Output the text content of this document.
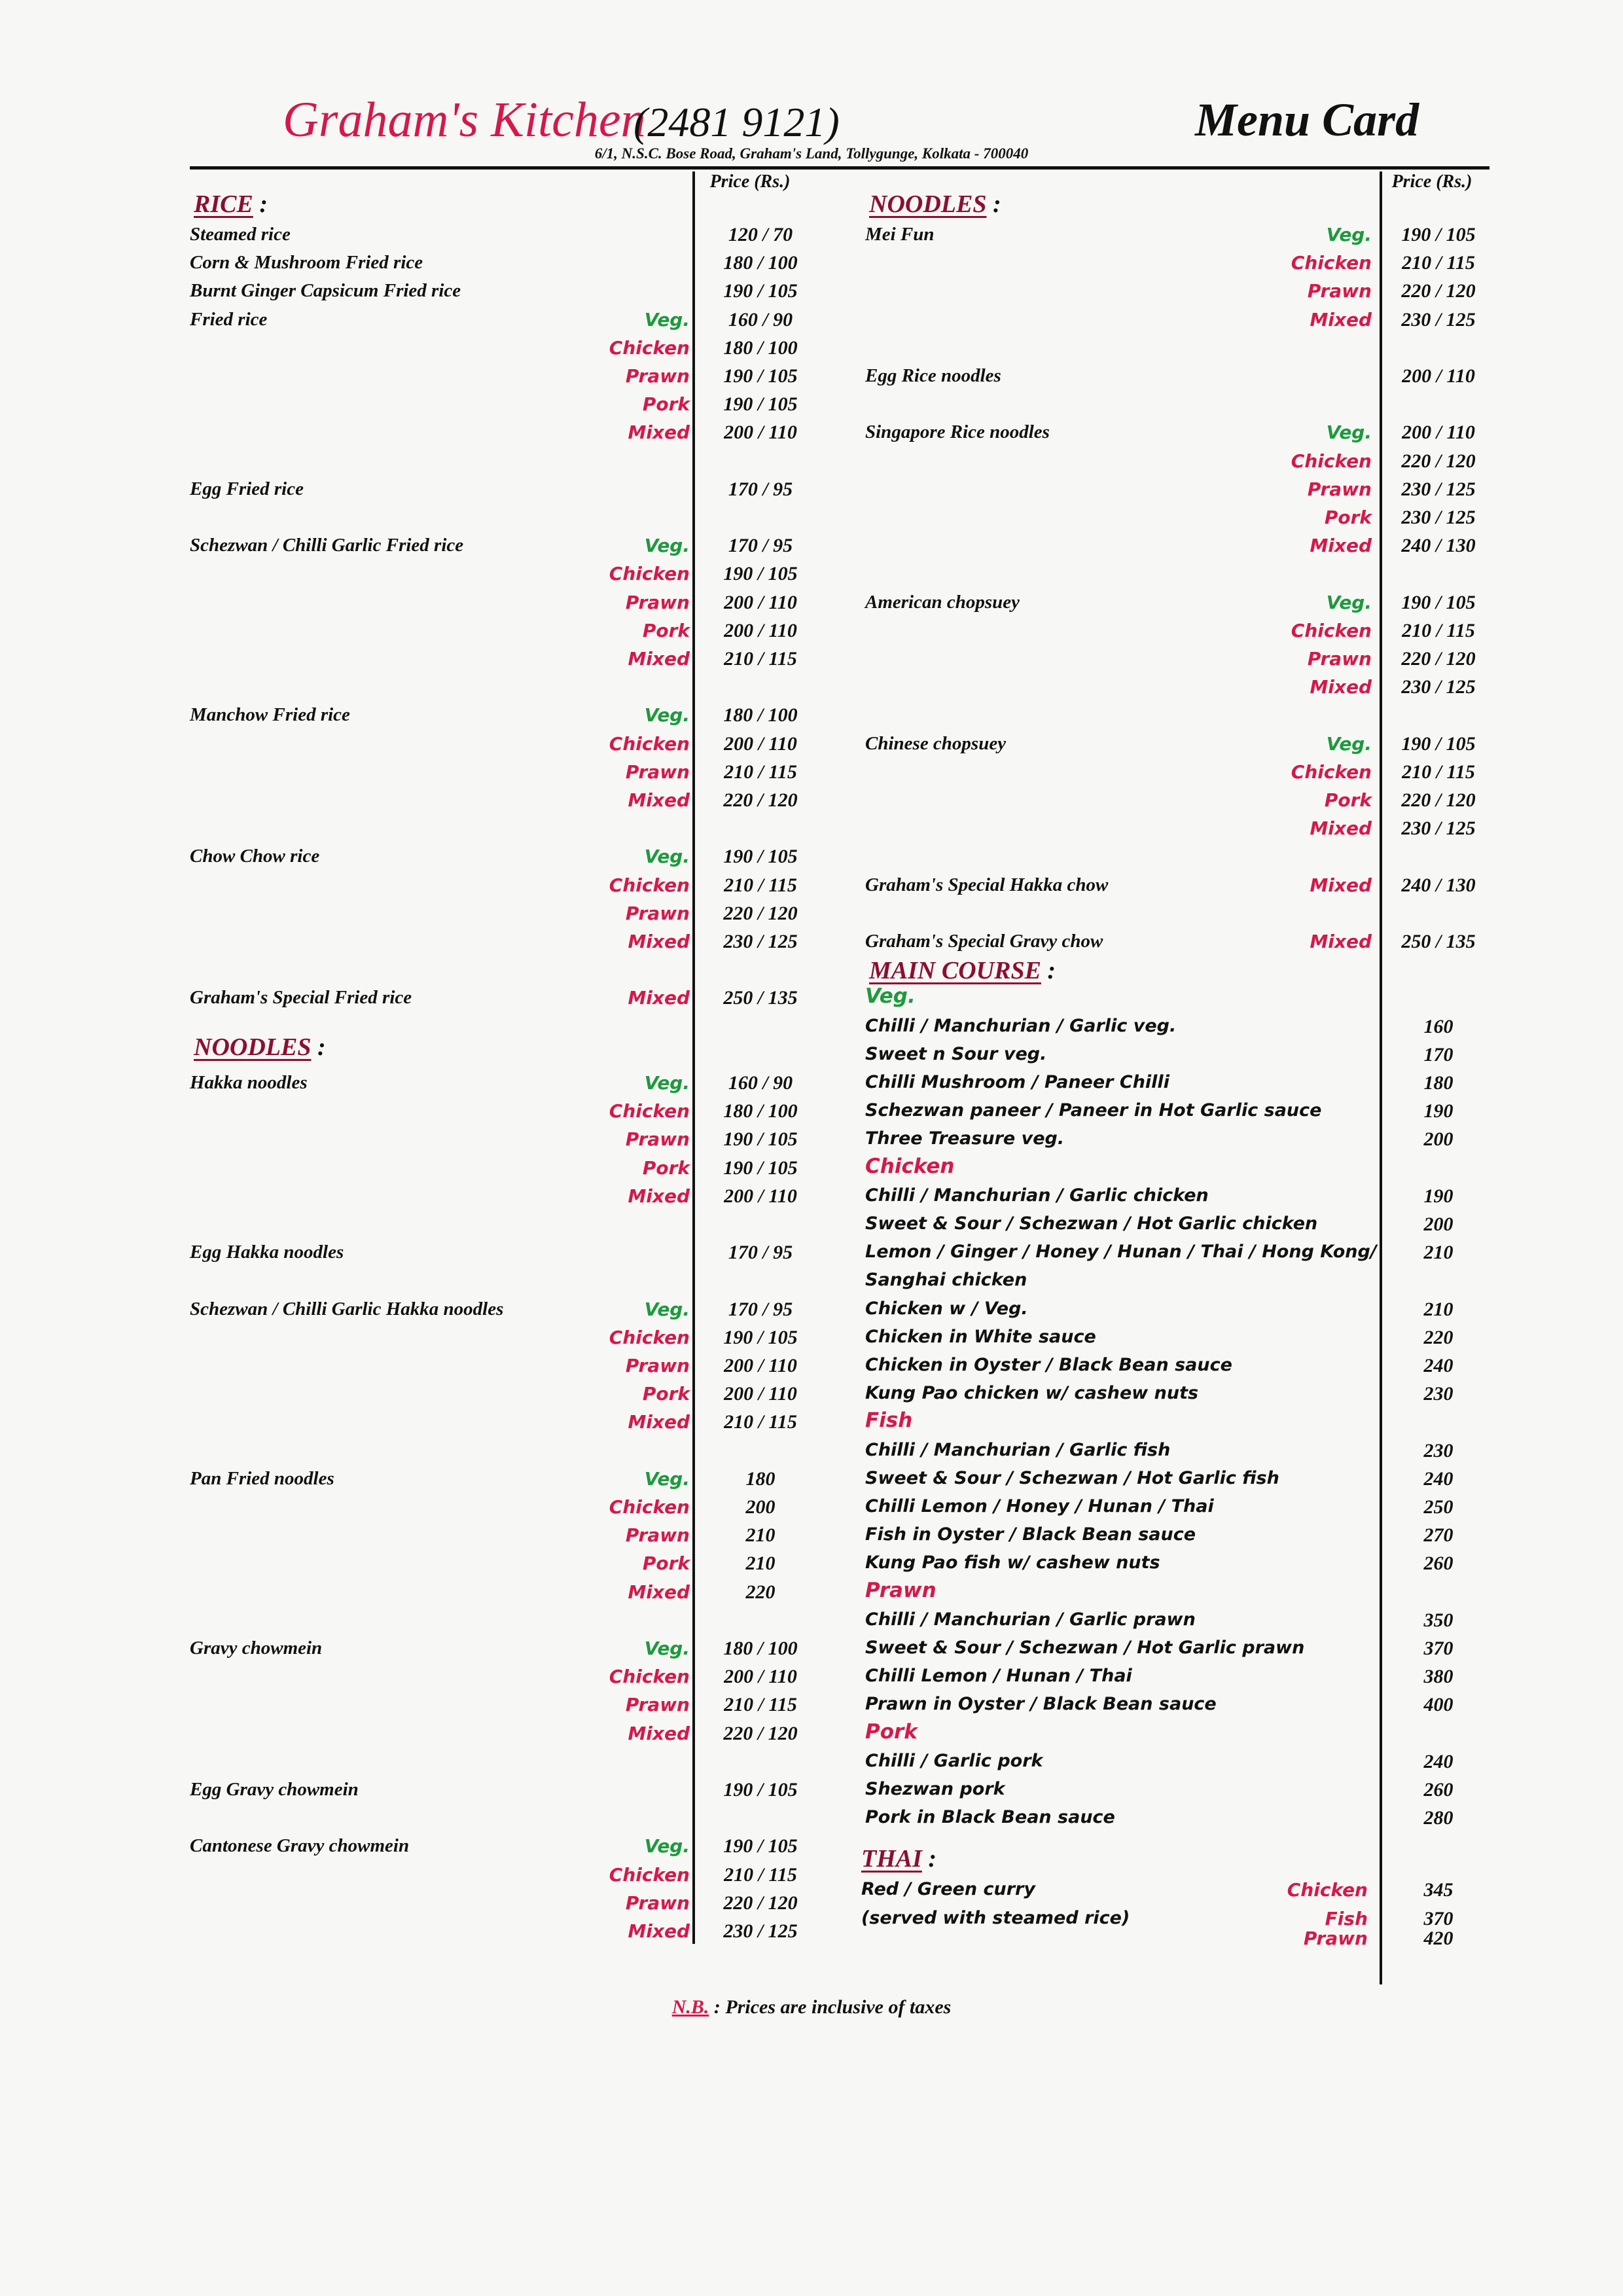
Graham's Kitchen
(2481 9121)	Menu Card
6/1, N.S.C. Bose Road, Graham's Land, Tollygunge, Kolkata - 700040
Price (Rs.)	Price (Rs.)
RICE :
Steamed rice	120 / 70
Corn & Mushroom Fried rice	180 / 100
Burnt Ginger Capsicum Fried rice	190 / 105
Fried rice	Veg.	160 / 90
Chicken	180 / 100
Prawn	190 / 105
Pork	190 / 105
Mixed	200 / 110
Egg Fried rice	170 / 95
Schezwan / Chilli Garlic Fried rice	Veg.	170 / 95
Chicken	190 / 105
Prawn	200 / 110
Pork	200 / 110
Mixed	210 / 115
Manchow Fried rice	Veg.	180 / 100
Chicken	200 / 110
Prawn	210 / 115
Mixed	220 / 120
Chow Chow rice	Veg.	190 / 105
Chicken	210 / 115
Prawn	220 / 120
Mixed	230 / 125
Graham's Special Fried rice	Mixed	250 / 135
NOODLES :
Hakka noodles	Veg.	160 / 90
Chicken	180 / 100
Prawn	190 / 105
Pork	190 / 105
Mixed	200 / 110
Egg Hakka noodles	170 / 95
Schezwan / Chilli Garlic Hakka noodles	Veg.	170 / 95
Chicken	190 / 105
Prawn	200 / 110
Pork	200 / 110
Mixed	210 / 115
Pan Fried noodles	Veg.	180
Chicken	200
Prawn	210
Pork	210
Mixed	220
Gravy chowmein	Veg.	180 / 100
Chicken	200 / 110
Prawn	210 / 115
Mixed	220 / 120
Egg Gravy chowmein	190 / 105
Cantonese Gravy chowmein	Veg.	190 / 105
Chicken	210 / 115
Prawn	220 / 120
Mixed	230 / 125
NOODLES :
Mei Fun	Veg.	190 / 105
Chicken	210 / 115
Prawn	220 / 120
Mixed	230 / 125
Egg Rice noodles	200 / 110
Singapore Rice noodles	Veg.	200 / 110
Chicken	220 / 120
Prawn	230 / 125
Pork	230 / 125
Mixed	240 / 130
American chopsuey	Veg.	190 / 105
Chicken	210 / 115
Prawn	220 / 120
Mixed	230 / 125
Chinese chopsuey	Veg.	190 / 105
Chicken	210 / 115
Pork	220 / 120
Mixed	230 / 125
Graham's Special Hakka chow	Mixed	240 / 130
Graham's Special Gravy chow	Mixed	250 / 135
MAIN COURSE :
Veg.
Chilli / Manchurian / Garlic veg.	160
Sweet n Sour veg.	170
Chilli Mushroom / Paneer Chilli	180
Schezwan paneer / Paneer in Hot Garlic sauce	190
Three Treasure veg.	200
Chicken
Chilli / Manchurian / Garlic chicken	190
Sweet & Sour / Schezwan / Hot Garlic chicken	200
Lemon / Ginger / Honey / Hunan / Thai / Hong Kong/	210
Sanghai chicken
Chicken w / Veg.	210
Chicken in White sauce	220
Chicken in Oyster / Black Bean sauce	240
Kung Pao chicken w/ cashew nuts	230
Fish
Chilli / Manchurian / Garlic fish	230
Sweet & Sour / Schezwan / Hot Garlic fish	240
Chilli Lemon / Honey / Hunan / Thai	250
Fish in Oyster / Black Bean sauce	270
Kung Pao fish w/ cashew nuts	260
Prawn
Chilli / Manchurian / Garlic prawn	350
Sweet & Sour / Schezwan / Hot Garlic prawn	370
Chilli Lemon / Hunan / Thai	380
Prawn in Oyster / Black Bean sauce	400
Pork
Chilli / Garlic pork	240
Shezwan pork	260
Pork in Black Bean sauce	280
THAI :
Red / Green curry	Chicken	345
(served with steamed rice)	Fish	370
Prawn	420
N.B. : Prices are inclusive of taxes
